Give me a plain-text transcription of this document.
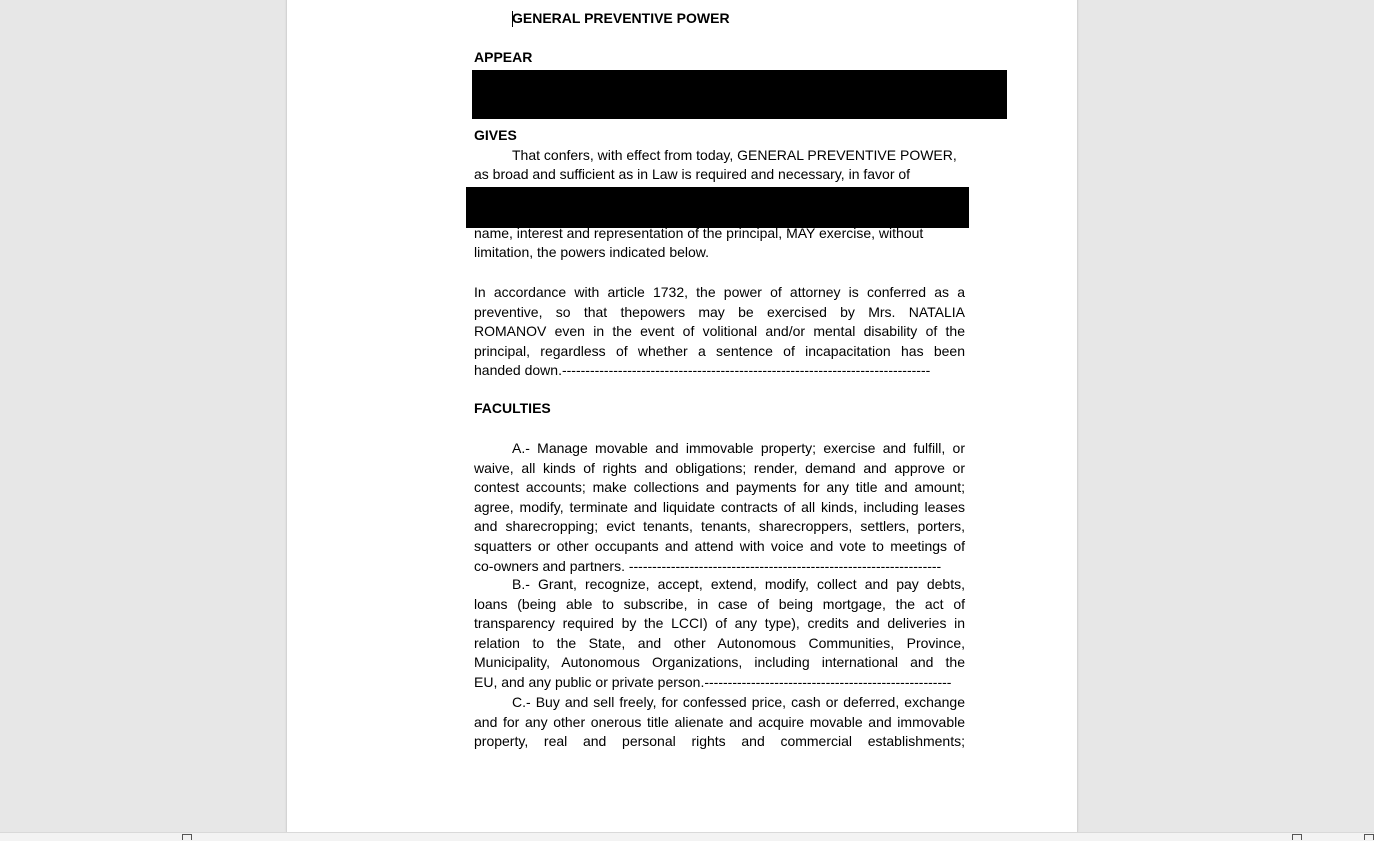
GENERAL PREVENTIVE POWER
APPEAR
GIVES
That confers, with effect from today, GENERAL PREVENTIVE POWER,
as broad and sufficient as in Law is required and necessary, in favor of
name, interest and representation of the principal, MAY exercise, without
limitation, the powers indicated below.
In accordance with article 1732, the power of attorney is conferred as a
preventive, so that thepowers may be exercised by Mrs. NATALIA
ROMANOV even in the event of volitional and/or mental disability of the
principal, regardless of whether a sentence of incapacitation has been
handed down.-------------------------------------------------------------------------------
FACULTIES
A.- Manage movable and immovable property; exercise and fulfill, or
waive, all kinds of rights and obligations; render, demand and approve or
contest accounts; make collections and payments for any title and amount;
agree, modify, terminate and liquidate contracts of all kinds, including leases
and sharecropping; evict tenants, tenants, sharecroppers, settlers, porters,
squatters or other occupants and attend with voice and vote to meetings of
co-owners and partners. -------------------------------------------------------------------
B.- Grant, recognize, accept, extend, modify, collect and pay debts,
loans (being able to subscribe, in case of being mortgage, the act of
transparency required by the LCCI) of any type), credits and deliveries in
relation to the State, and other Autonomous Communities, Province,
Municipality, Autonomous Organizations, including international and the
EU, and any public or private person.-----------------------------------------------------
C.- Buy and sell freely, for confessed price, cash or deferred, exchange
and for any other onerous title alienate and acquire movable and immovable
property, real and personal rights and commercial establishments;
